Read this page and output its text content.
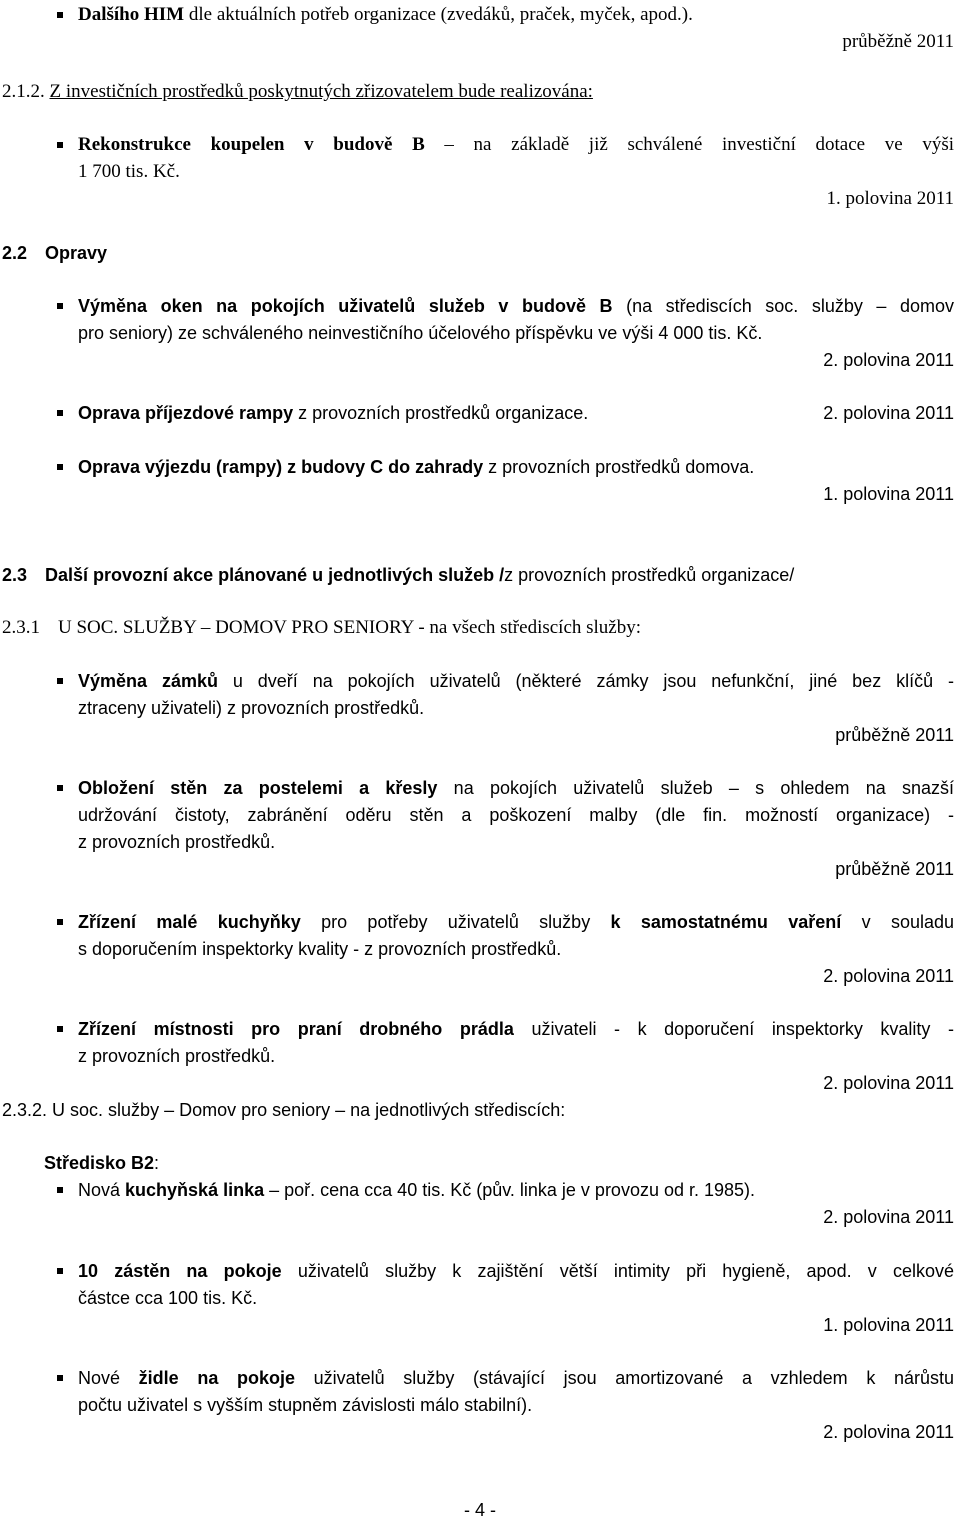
Dalšího HIM dle aktuálních potřeb organizace (zvedáků, praček, myček, apod.).
průběžně 2011
2.1.2. Z investičních prostředků poskytnutých zřizovatelem bude realizována:
Rekonstrukce koupelen v budově B – na základě již schválené investiční dotace ve výši
1 700 tis. Kč.
1. polovina 2011
2.2 Opravy
Výměna oken na pokojích uživatelů služeb v budově B (na střediscích soc. služby – domov
pro seniory) ze schváleného neinvestičního účelového příspěvku ve výši 4 000 tis. Kč.
2. polovina 2011
Oprava příjezdové rampy z provozních prostředků organizace.	2. polovina 2011
Oprava výjezdu (rampy) z budovy C do zahrady z provozních prostředků domova.
1. polovina 2011
2.3 Další provozní akce plánované u jednotlivých služeb /z provozních prostředků organizace/
2.3.1 U SOC. SLUŽBY – DOMOV PRO SENIORY - na všech střediscích služby:
Výměna zámků u dveří na pokojích uživatelů (některé zámky jsou nefunkční, jiné bez klíčů -
ztraceny uživateli) z provozních prostředků.
průběžně 2011
Obložení stěn za postelemi a křesly na pokojích uživatelů služeb – s ohledem na snazší
udržování čistoty, zabránění oděru stěn a poškození malby (dle fin. možností organizace) -
z provozních prostředků.
průběžně 2011
Zřízení malé kuchyňky pro potřeby uživatelů služby k samostatnému vaření v souladu
s doporučením inspektorky kvality - z provozních prostředků.
2. polovina 2011
Zřízení místnosti pro praní drobného prádla uživateli - k doporučení inspektorky kvality -
z provozních prostředků.
2. polovina 2011
2.3.2. U soc. služby – Domov pro seniory – na jednotlivých střediscích:
Středisko B2:
Nová kuchyňská linka – poř. cena cca 40 tis. Kč (pův. linka je v provozu od r. 1985).
2. polovina 2011
10 zástěn na pokoje uživatelů služby k zajištění větší intimity při hygieně, apod. v celkové
částce cca 100 tis. Kč.
1. polovina 2011
Nové židle na pokoje uživatelů služby (stávající jsou amortizované a vzhledem k nárůstu
počtu uživatel s vyšším stupněm závislosti málo stabilní).
2. polovina 2011
- 4 -
